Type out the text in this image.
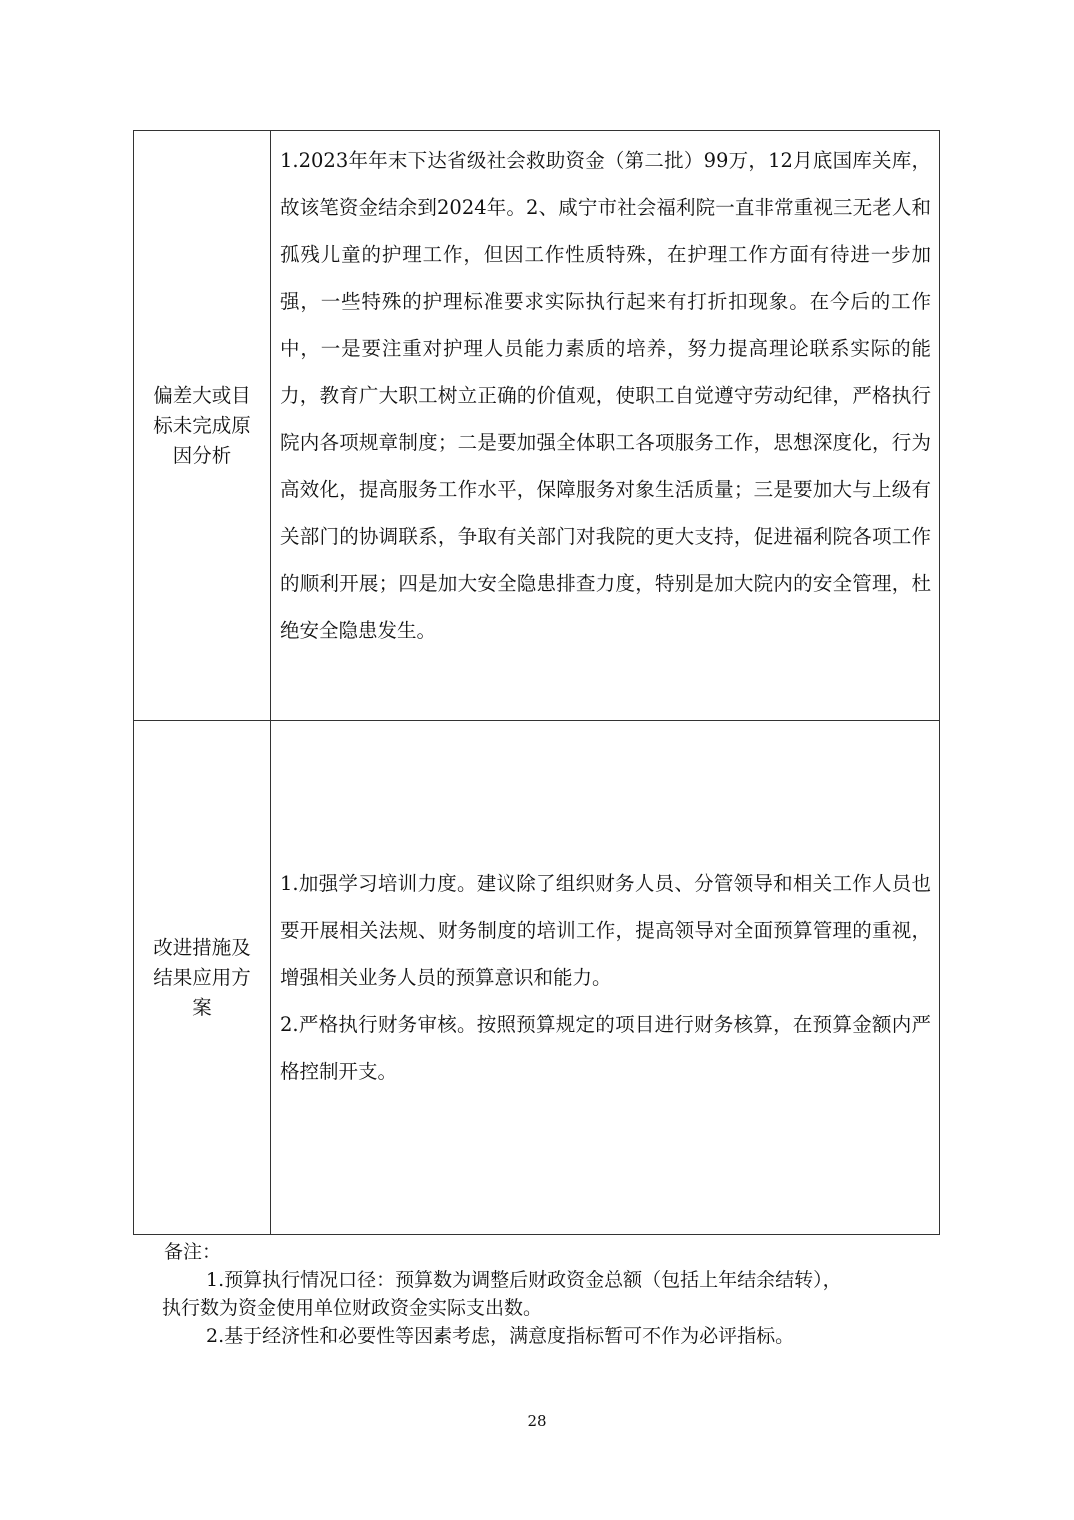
偏差大或目标未完成原因分析	1.2023年年末下达省级社会救助资金（第二批）99万，12月底国库关库，故该笔资金结余到2024年。2、咸宁市社会福利院一直非常重视三无老人和孤残儿童的护理工作，但因工作性质特殊，在护理工作方面有待进一步加强，一些特殊的护理标准要求实际执行起来有打折扣现象。在今后的工作中，一是要注重对护理人员能力素质的培养，努力提高理论联系实际的能力，教育广大职工树立正确的价值观，使职工自觉遵守劳动纪律，严格执行院内各项规章制度；二是要加强全体职工各项服务工作，思想深度化，行为高效化，提高服务工作水平，保障服务对象生活质量；三是要加大与上级有关部门的协调联系，争取有关部门对我院的更大支持，促进福利院各项工作的顺利开展；四是加大安全隐患排查力度，特别是加大院内的安全管理，杜绝安全隐患发生。

改进措施及结果应用方案	1.加强学习培训力度。建议除了组织财务人员、分管领导和相关工作人员也要开展相关法规、财务制度的培训工作，提高领导对全面预算管理的重视，增强相关业务人员的预算意识和能力。

2.严格执行财务审核。按照预算规定的项目进行财务核算，在预算金额内严格控制开支。

备注：

1.预算执行情况口径：预算数为调整后财政资金总额（包括上年结余结转），

执行数为资金使用单位财政资金实际支出数。

2.基于经济性和必要性等因素考虑，满意度指标暂可不作为必评指标。

28
